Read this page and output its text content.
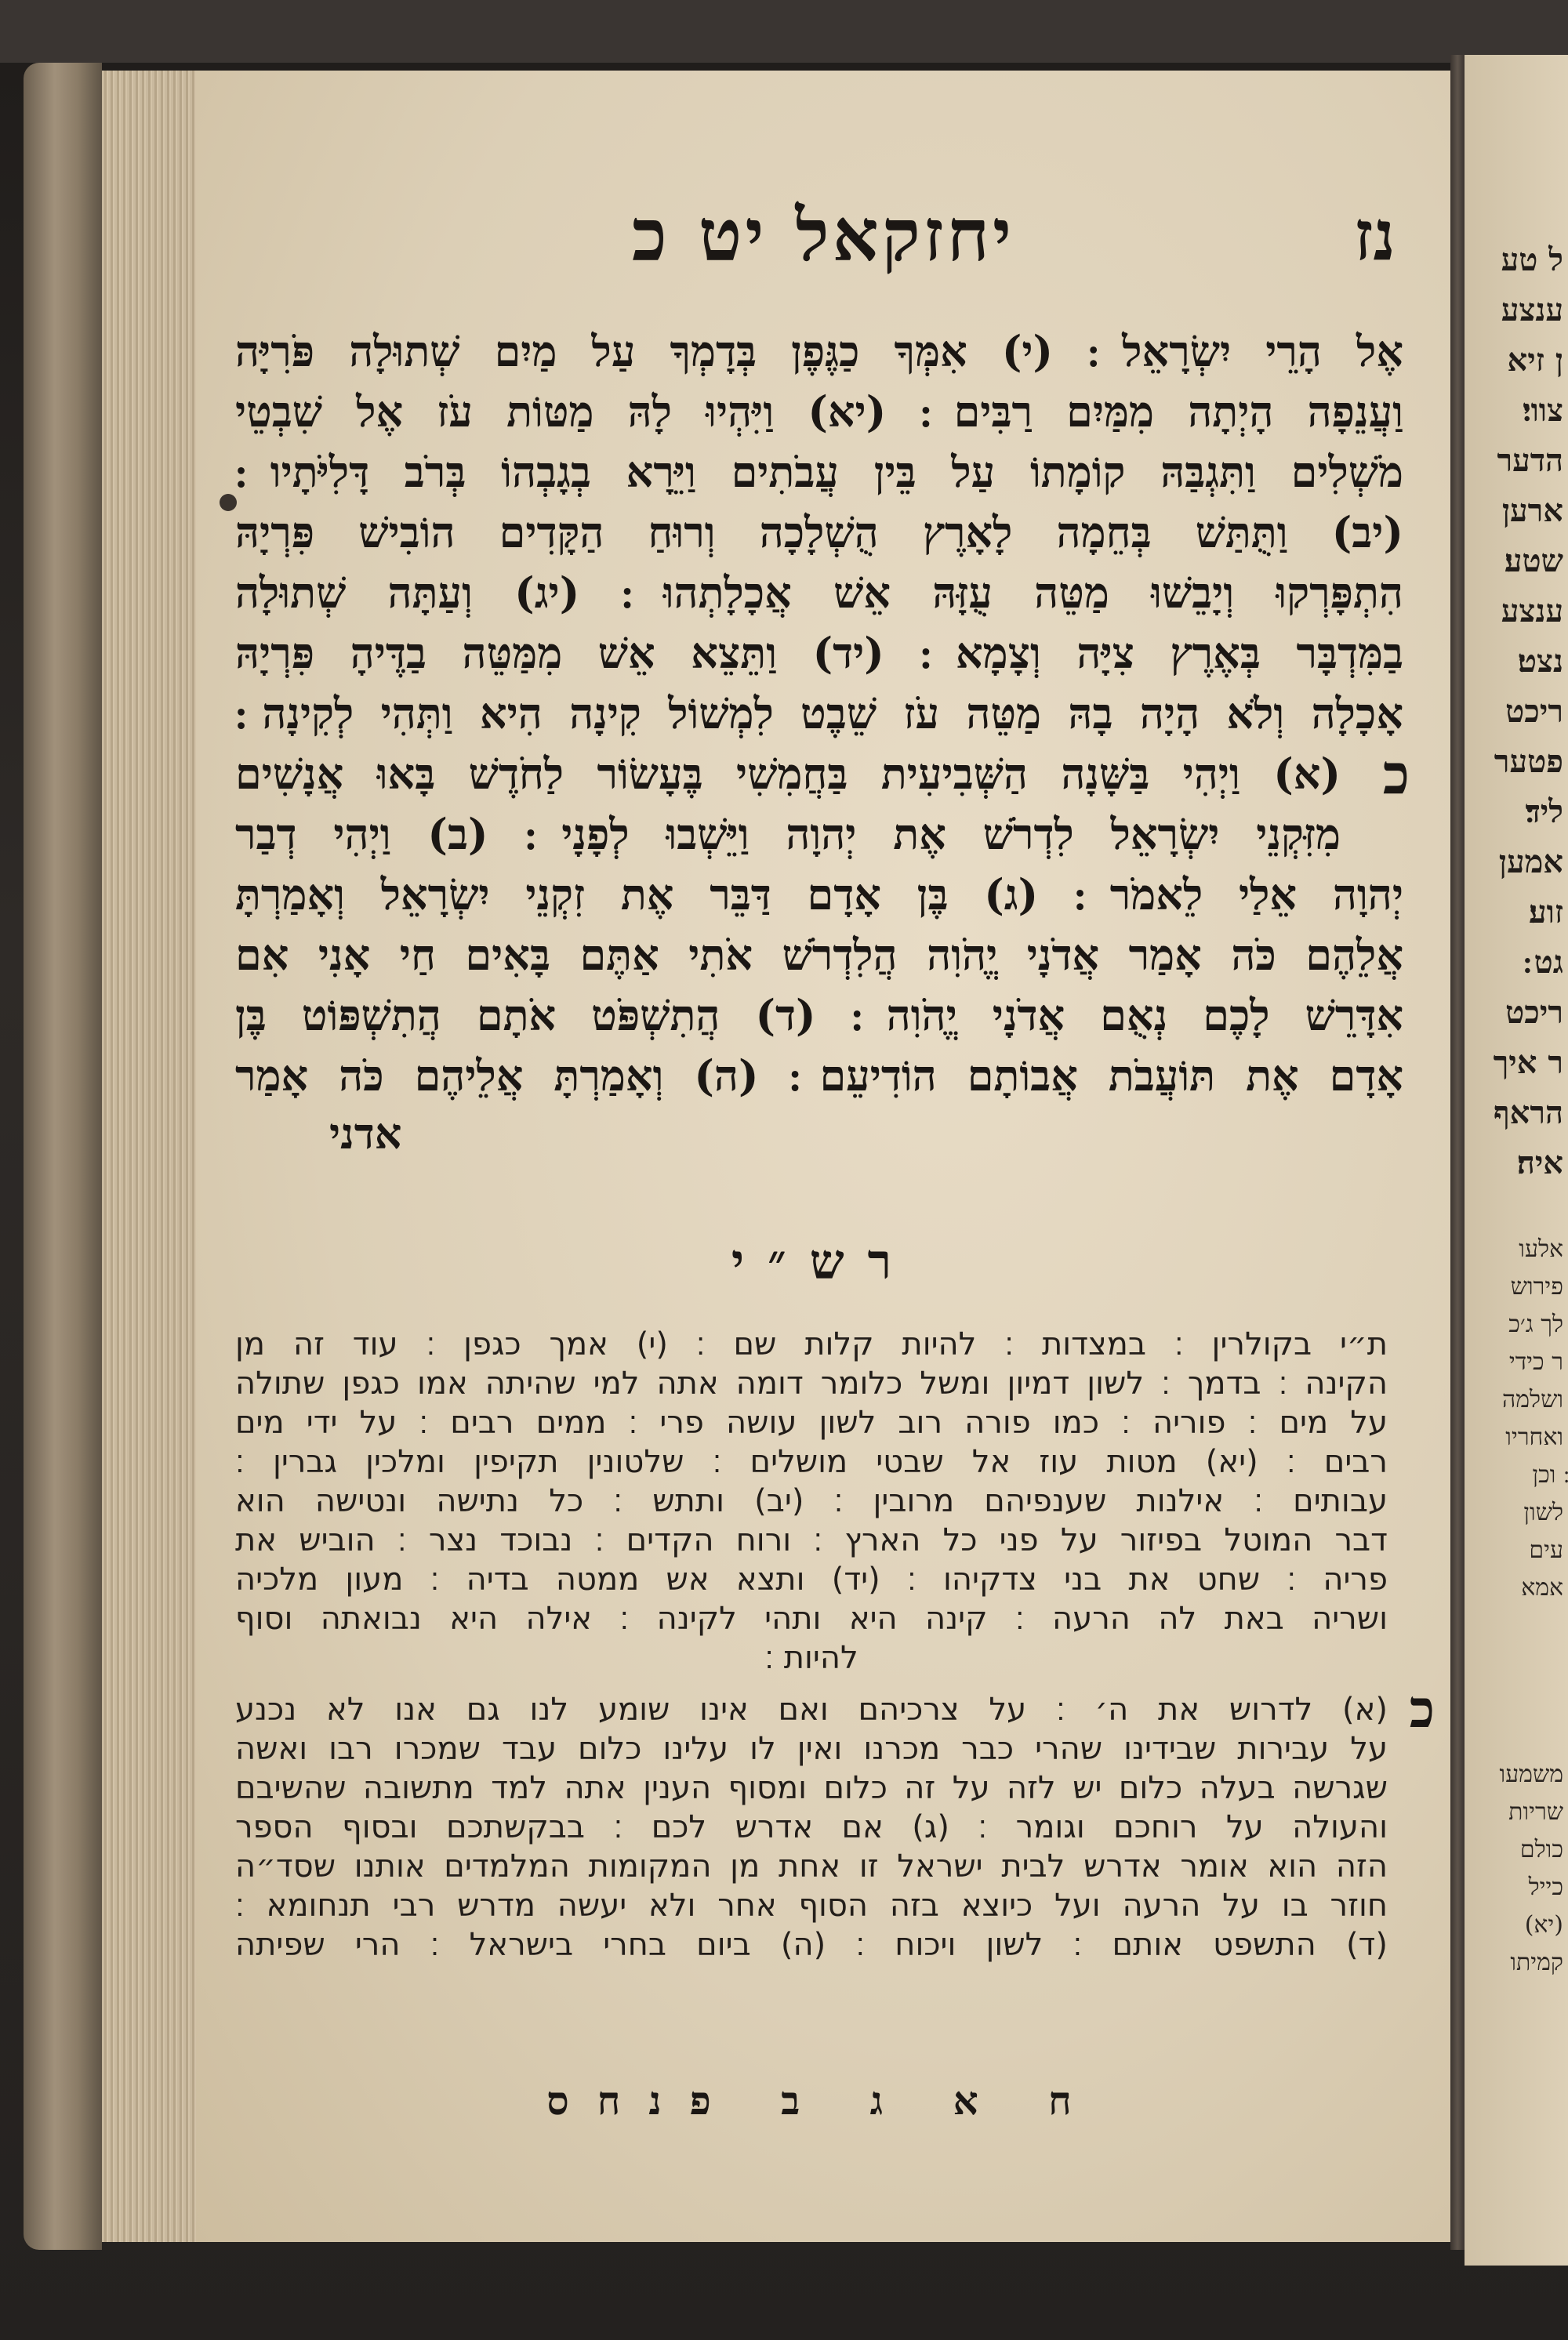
נז
יחזקאל יט כ
אֶל הָרֵי יִשְׂרָאֵל ׃ (י) אִמְּךָ כַגֶּפֶן בְּדָמְךָ עַל מַיִם שְׁתוּלָה פֹּרִיָּה
וַעֲנֵפָה הָיְתָה מִמַּיִם רַבִּים ׃ (יא) וַיִּהְיוּ לָהּ מַטּוֹת עֹז אֶל שִׁבְטֵי
מֹשְׁלִים וַתִּגְבַּהּ קוֹמָתוֹ עַל בֵּין עֲבֹתִים וַיֵּרָא בְגָבְהוֹ בְּרֹב דָּלִיֹּתָיו ׃
(יב) וַתֻּתַּשׁ בְּחֵמָה לָאָרֶץ הֻשְׁלָכָה וְרוּחַ הַקָּדִים הוֹבִישׁ פִּרְיָהּ
הִתְפָּרְקוּ וְיָבֵשׁוּ מַטֵּה עֻזָּהּ אֵשׁ אֲכָלָתְהוּ ׃ (יג) וְעַתָּה שְׁתוּלָה
בַמִּדְבָּר בְּאֶרֶץ צִיָּה וְצָמָא ׃ (יד) וַתֵּצֵא אֵשׁ מִמַּטֵּה בַדֶּיהָ פִּרְיָהּ
אָכָלָה וְלֹא הָיָה בָהּ מַטֵּה עֹז שֵׁבֶט לִמְשׁוֹל קִינָה הִיא וַתְּהִי לְקִינָה ׃
כ
(א) וַיְהִי בַּשָּׁנָה הַשְּׁבִיעִית בַּחֲמִשִׁי בֶּעָשׂוֹר לַחֹדֶשׁ בָּאוּ אֲנָשִׁים
מִזִּקְנֵי יִשְׂרָאֵל לִדְרֹשׁ אֶת יְהוָה וַיֵּשְׁבוּ לְפָנָי ׃ (ב) וַיְהִי דְבַר
יְהוָה אֵלַי לֵאמֹר ׃ (ג) בֶּן אָדָם דַּבֵּר אֶת זִקְנֵי יִשְׂרָאֵל וְאָמַרְתָּ
אֲלֵהֶם כֹּה אָמַר אֲדֹנָי יֱהֹוִה הֲלִדְרֹשׁ אֹתִי אַתֶּם בָּאִים חַי אָנִי אִם
אִדָּרֵשׁ לָכֶם נְאֻם אֲדֹנָי יֱהֹוִה ׃ (ד) הֲתִשְׁפֹּט אֹתָם הֲתִשְׁפּוֹט בֶּן
אָדָם אֶת תּוֹעֲבֹת אֲבוֹתָם הוֹדִיעֵם ׃ (ה) וְאָמַרְתָּ אֲלֵיהֶם כֹּה אָמַר
אדני
רש״י
ת״י בקולרין ׃ במצדות ׃ להיות קלות שם ׃ (י) אמך כגפן ׃ עוד זה מן
הקינה ׃ בדמך ׃ לשון דמיון ומשל כלומר דומה אתה למי שהיתה אמו כגפן שתולה
על מים ׃ פוריה ׃ כמו פורה רוב לשון עושה פרי ׃ ממים רבים ׃ על ידי מים
רבים ׃ (יא) מטות עוז אל שבטי מושלים ׃ שלטונין תקיפין ומלכין גברין ׃
עבותים ׃ אילנות שענפיהם מרובין ׃ (יב) ותתש ׃ כל נתישה ונטישה הוא
דבר המוטל בפיזור על פני כל הארץ ׃ ורוח הקדים ׃ נבוכד נצר ׃ הוביש את
פריה ׃ שחט את בני צדקיהו ׃ (יד) ותצא אש ממטה בדיה ׃ מעון מלכיה
ושריה באת לה הרעה ׃ קינה היא ותהי לקינה ׃ אילה היא נבואתה וסוף
להיות ׃
כ
(א) לדרוש את ה׳ ׃ על צרכיהם ואם אינו שומע לנו גם אנו לא נכנע
על עבירות שבידינו שהרי כבר מכרנו ואין לו עלינו כלום עבד שמכרו רבו ואשה
שגרשה בעלה כלום יש לזה על זה כלום ומסוף הענין אתה למד מתשובה שהשיבם
והעולה על רוחכם וגומר ׃ (ג) אם אדרש לכם ׃ בבקשתכם ובסוף הספר
הזה הוא אומר אדרש לבית ישראל זו אחת מן המקומות המלמדים אותנו שסד״ה
חוזר בו על הרעה ועל כיוצא בזה הסוף אחר ולא יעשה מדרש רבי תנחומא ׃
(ד) התשפט אותם ׃ לשון ויכוח ׃ (ה) ביום בחרי בישראל ׃ הרי שפיתה
ח א ג ב פנחס
ל טע
ענצע
ן זיא
צווי׃
הדער
ארען
שטע׃
ענצע
נצט׃
ריכט
פטער
ליד׃
אמען
זוע׃
גט ׃
ריכט
ר איך
הראף
איה׃
אלעו
פירוש
לך ג׳כ
ר כידי
ושלמה
ואחריו
׃ וכן
לשון
עים
אמא
משמעו
שריות
כולם
כייל
(יא)
קמיתו
